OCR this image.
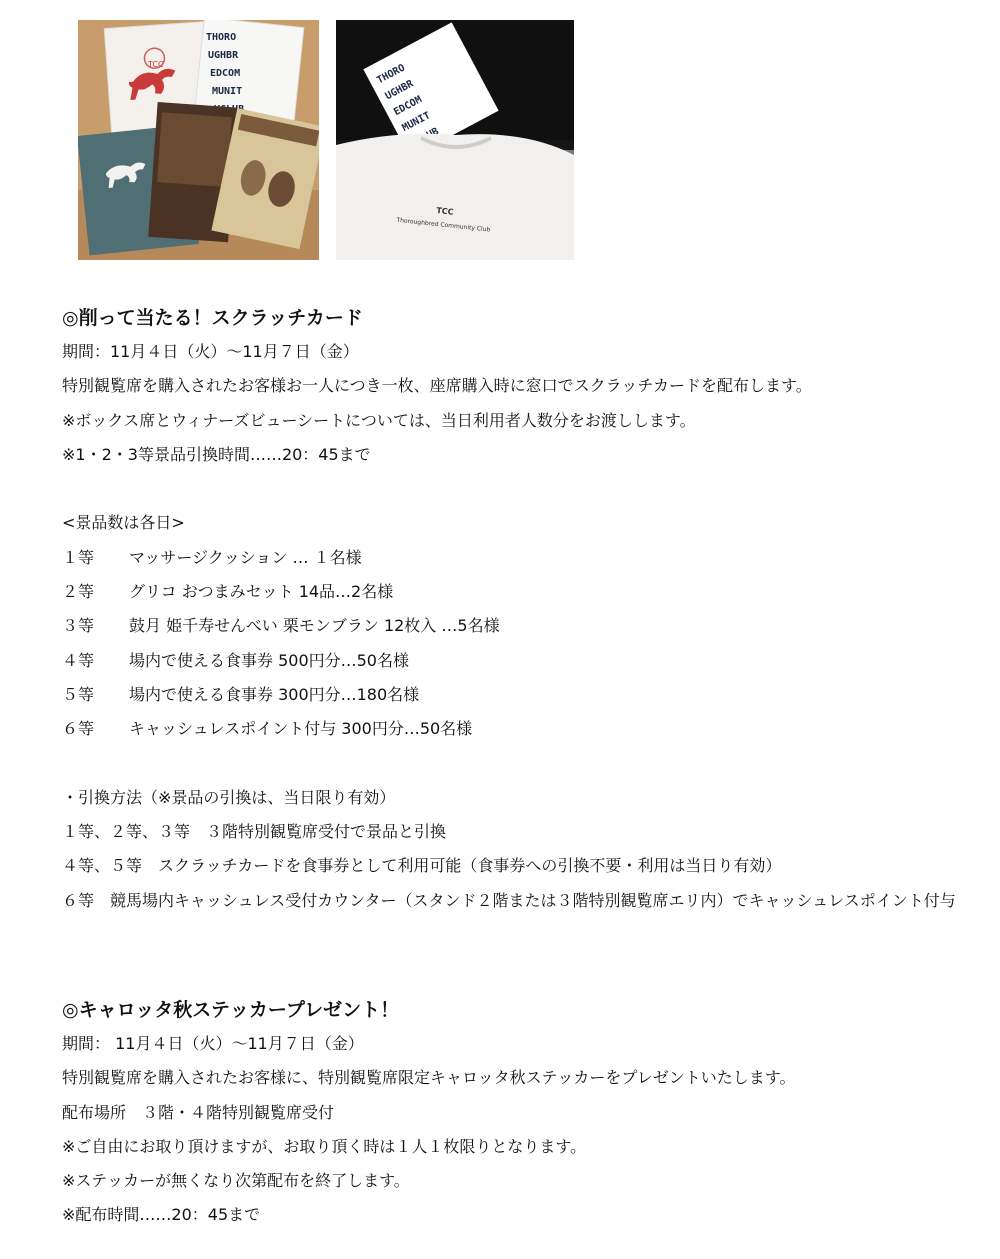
TCC
THORO
UGHBR
EDCOM
MUNIT
THORO
UGHBR
EDCOM
MUNIT
TCC
Thoroughbred Community Club
◎削って当たる！スクラッチカード
期間：11月４日（火）〜11月７日（金）
特別観覧席を購入されたお客様お一人につき一枚、座席購入時に窓口でスクラッチカードを配布します。
※ボックス席とウィナーズビューシートについては、当日利用者人数分をお渡しします。
※1・2・3等景品引換時間……20：45まで
<景品数は各日>
１等	マッサージクッション … １名様
２等	グリコ おつまみセット 14品…2名様
３等	鼓月 姫千寿せんべい 栗モンブラン 12枚入 …5名様
４等	場内で使える食事券 500円分…50名様
５等	場内で使える食事券 300円分…180名様
６等	キャッシュレスポイント付与 300円分…50名様
・引換方法（※景品の引換は、当日限り有効）
１等、２等、３等　３階特別観覧席受付で景品と引換
４等、５等　スクラッチカードを食事券として利用可能（食事券への引換不要・利用は当日り有効）
６等　競馬場内キャッシュレス受付カウンター（スタンド２階または３階特別観覧席エリ内）でキャッシュレスポイント付与
◎キャロッタ秋ステッカープレゼント！
期間： 11月４日（火）〜11月７日（金）
特別観覧席を購入されたお客様に、特別観覧席限定キャロッタ秋ステッカーをプレゼントいたします。
配布場所　３階・４階特別観覧席受付
※ご自由にお取り頂けますが、お取り頂く時は１人１枚限りとなります。
※ステッカーが無くなり次第配布を終了します。
※配布時間……20：45まで
